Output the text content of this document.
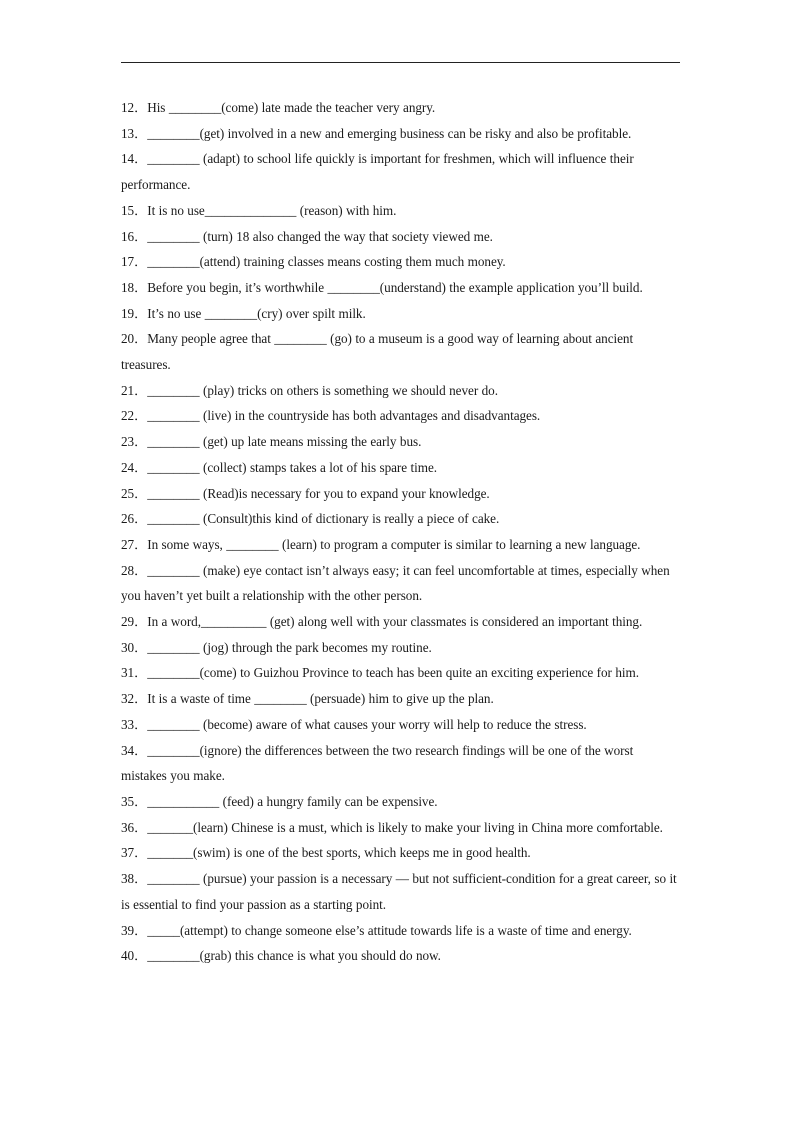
12．His ________(come) late made the teacher very angry.

13．________(get) involved in a new and emerging business can be risky and also be profitable.

14．________ (adapt) to school life quickly is important for freshmen, which will influence their performance.

15．It is no use______________ (reason) with him.

16．________ (turn) 18 also changed the way that society viewed me.

17．________(attend) training classes means costing them much money.

18．Before you begin, it’s worthwhile ________(understand) the example application you’ll build.

19．It’s no use ________(cry) over spilt milk.

20．Many people agree that ________ (go) to a museum is a good way of learning about ancient treasures.

21．________ (play) tricks on others is something we should never do.

22．________ (live) in the countryside has both advantages and disadvantages.

23．________ (get) up late means missing the early bus.

24．________ (collect) stamps takes a lot of his spare time.

25．________ (Read)is necessary for you to expand your knowledge.

26．________ (Consult)this kind of dictionary is really a piece of cake.

27．In some ways, ________ (learn) to program a computer is similar to learning a new language.

28．________ (make) eye contact isn’t always easy; it can feel uncomfortable at times, especially when you haven’t yet built a relationship with the other person.

29．In a word,__________ (get) along well with your classmates is considered an important thing.

30．________ (jog) through the park becomes my routine.

31．________(come) to Guizhou Province to teach has been quite an exciting experience for him.

32．It is a waste of time ________ (persuade) him to give up the plan.

33．________ (become) aware of what causes your worry will help to reduce the stress.

34．________(ignore) the differences between the two research findings will be one of the worst mistakes you make.

35．___________ (feed) a hungry family can be expensive.

36．_______(learn) Chinese is a must, which is likely to make your living in China more comfortable.

37．_______(swim) is one of the best sports, which keeps me in good health.

38．________ (pursue) your passion is a necessary — but not sufficient-condition for a great career, so it is essential to find your passion as a starting point.

39．_____(attempt) to change someone else’s attitude towards life is a waste of time and energy.

40．________(grab) this chance is what you should do now.
